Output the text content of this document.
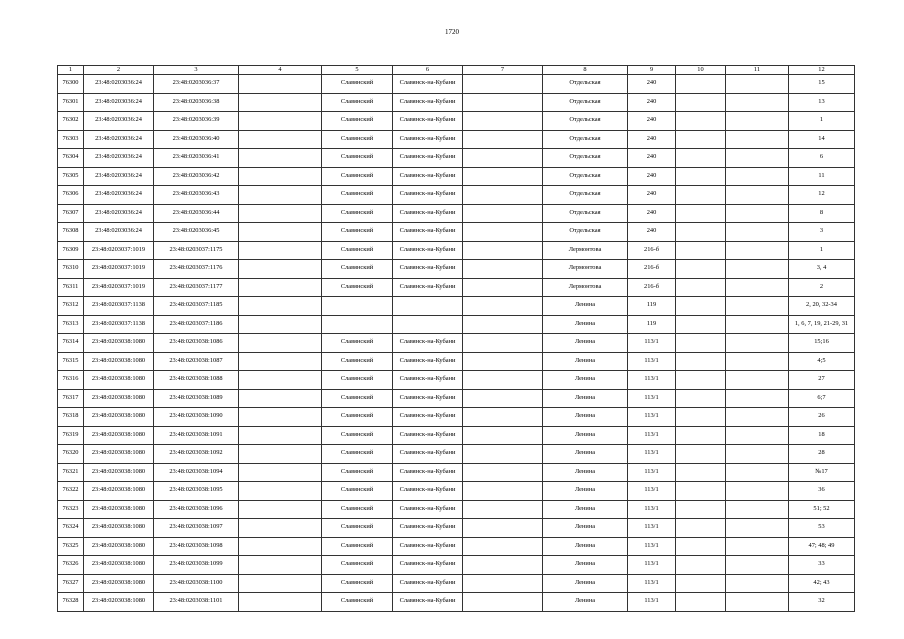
1720
1	2	3	4	5	6	7	8	9	10	11	12
76300	23:48:0203036:24	23:48:0203036:37		Славянский	Славянск-на-Кубани		Отдельская	240			15
76301	23:48:0203036:24	23:48:0203036:38		Славянский	Славянск-на-Кубани		Отдельская	240			13
76302	23:48:0203036:24	23:48:0203036:39		Славянский	Славянск-на-Кубани		Отдельская	240			1
76303	23:48:0203036:24	23:48:0203036:40		Славянский	Славянск-на-Кубани		Отдельская	240			14
76304	23:48:0203036:24	23:48:0203036:41		Славянский	Славянск-на-Кубани		Отдельская	240			6
76305	23:48:0203036:24	23:48:0203036:42		Славянский	Славянск-на-Кубани		Отдельская	240			11
76306	23:48:0203036:24	23:48:0203036:43		Славянский	Славянск-на-Кубани		Отдельская	240			12
76307	23:48:0203036:24	23:48:0203036:44		Славянский	Славянск-на-Кубани		Отдельская	240			8
76308	23:48:0203036:24	23:48:0203036:45		Славянский	Славянск-на-Кубани		Отдельская	240			3
76309	23:48:0203037:1019	23:48:0203037:1175		Славянский	Славянск-на-Кубани		Лермонтова	216-б			1
76310	23:48:0203037:1019	23:48:0203037:1176		Славянский	Славянск-на-Кубани		Лермонтова	216-б			3, 4
76311	23:48:0203037:1019	23:48:0203037:1177		Славянский	Славянск-на-Кубани		Лермонтова	216-б			2
76312	23:48:0203037:1138	23:48:0203037:1185					Ленина	119			2, 20, 32-34
76313	23:48:0203037:1138	23:48:0203037:1186					Ленина	119			1, 6, 7, 19, 21-29, 31
76314	23:48:0203038:1080	23:48:0203038:1086		Славянский	Славянск-на-Кубани		Ленина	113/1			15;16
76315	23:48:0203038:1080	23:48:0203038:1087		Славянский	Славянск-на-Кубани		Ленина	113/1			4;5
76316	23:48:0203038:1080	23:48:0203038:1088		Славянский	Славянск-на-Кубани		Ленина	113/1			27
76317	23:48:0203038:1080	23:48:0203038:1089		Славянский	Славянск-на-Кубани		Ленина	113/1			6;7
76318	23:48:0203038:1080	23:48:0203038:1090		Славянский	Славянск-на-Кубани		Ленина	113/1			26
76319	23:48:0203038:1080	23:48:0203038:1091		Славянский	Славянск-на-Кубани		Ленина	113/1			18
76320	23:48:0203038:1080	23:48:0203038:1092		Славянский	Славянск-на-Кубани		Ленина	113/1			28
76321	23:48:0203038:1080	23:48:0203038:1094		Славянский	Славянск-на-Кубани		Ленина	113/1			№17
76322	23:48:0203038:1080	23:48:0203038:1095		Славянский	Славянск-на-Кубани		Ленина	113/1			36
76323	23:48:0203038:1080	23:48:0203038:1096		Славянский	Славянск-на-Кубани		Ленина	113/1			51; 52
76324	23:48:0203038:1080	23:48:0203038:1097		Славянский	Славянск-на-Кубани		Ленина	113/1			53
76325	23:48:0203038:1080	23:48:0203038:1098		Славянский	Славянск-на-Кубани		Ленина	113/1			47; 48; 49
76326	23:48:0203038:1080	23:48:0203038:1099		Славянский	Славянск-на-Кубани		Ленина	113/1			33
76327	23:48:0203038:1080	23:48:0203038:1100		Славянский	Славянск-на-Кубани		Ленина	113/1			42; 43
76328	23:48:0203038:1080	23:48:0203038:1101		Славянский	Славянск-на-Кубани		Ленина	113/1			32
